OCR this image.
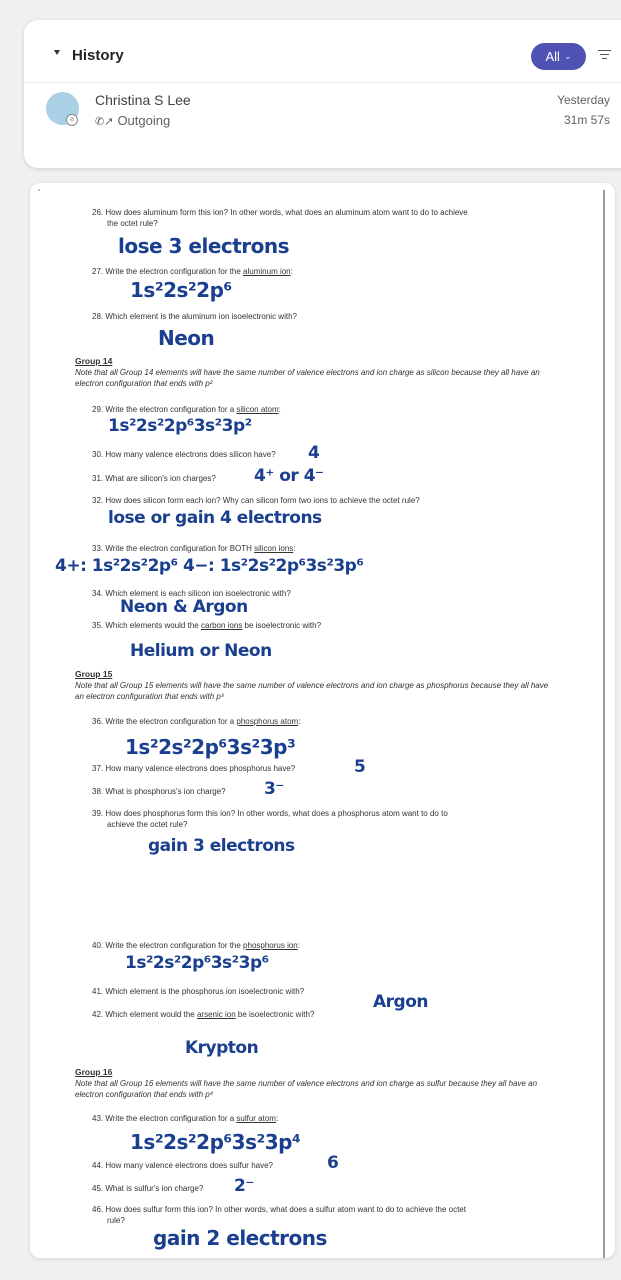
History	All ⌄
⊘
Christina S Lee
✆↗ Outgoing
Yesterday
31m 57s
26. How does aluminum form this ion? In other words, what does an aluminum atom want to do to achieve
the octet rule?
lose 3 electrons
27. Write the electron configuration for the aluminum ion:
1s²2s²2p⁶
28. Which element is the aluminum ion isoelectronic with?
Neon
Group 14
Note that all Group 14 elements will have the same number of valence electrons and ion charge as silicon because they all have an electron configuration that ends with p²
29. Write the electron configuration for a silicon atom:
1s²2s²2p⁶3s²3p²
30. How many valence electrons does silicon have?	4
31. What are silicon's ion charges?	4⁺ or 4⁻
32. How does silicon form each ion? Why can silicon form two ions to achieve the octet rule?
lose or gain 4 electrons
33. Write the electron configuration for BOTH silicon ions:
4+: 1s²2s²2p⁶ 4−: 1s²2s²2p⁶3s²3p⁶
34. Which element is each silicon ion isoelectronic with?
Neon & Argon
35. Which elements would the carbon ions be isoelectronic with?
Helium or Neon
Group 15
Note that all Group 15 elements will have the same number of valence electrons and ion charge as phosphorus because they all have an electron configuration that ends with p³
36. Write the electron configuration for a phosphorus atom:
1s²2s²2p⁶3s²3p³
37. How many valence electrons does phosphorus have?	5
38. What is phosphorus's ion charge?	3⁻
39. How does phosphorus form this ion? In other words, what does a phosphorus atom want to do to
achieve the octet rule?
gain 3 electrons
40. Write the electron configuration for the phosphorus ion:
1s²2s²2p⁶3s²3p⁶
41. Which element is the phosphorus ion isoelectronic with?
Argon
42. Which element would the arsenic ion be isoelectronic with?
Krypton
Group 16
Note that all Group 16 elements will have the same number of valence electrons and ion charge as sulfur because they all have an electron configuration that ends with p⁴
43. Write the electron configuration for a sulfur atom:
1s²2s²2p⁶3s²3p⁴
44. How many valence electrons does sulfur have?	6
45. What is sulfur's ion charge?	2⁻
46. How does sulfur form this ion? In other words, what does a sulfur atom want to do to achieve the octet
rule?
gain 2 electrons
